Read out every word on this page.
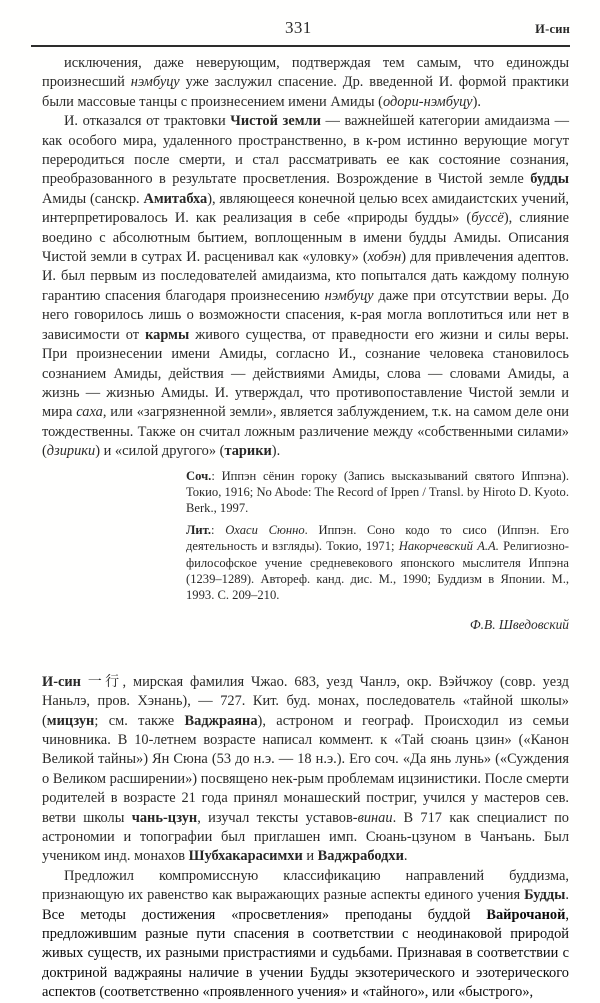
331	И-син

исключения, даже неверующим, подтверждая тем самым, что единожды произнесший нэмбуцу уже заслужил спасение. Др. введенной И. формой практики были массовые танцы с произнесением имени Амиды (одори-нэмбуцу).

И. отказался от трактовки Чистой земли — важнейшей категории амидаизма — как особого мира, удаленного пространственно, в к-ром истинно верующие могут переродиться после смерти, и стал рассматривать ее как состояние сознания, преобразованного в результате просветления. Возрождение в Чистой земле будды Амиды (санскр. Амитабха), являющееся конечной целью всех амидаистских учений, интерпретировалось И. как реализация в себе «природы будды» (буссё), слияние воедино с абсолютным бытием, воплощенным в имени будды Амиды. Описания Чистой земли в сутрах И. расценивал как «уловку» (хобэн) для привлечения адептов. И. был первым из последователей амидаизма, кто попытался дать каждому полную гарантию спасения благодаря произнесению нэмбуцу даже при отсутствии веры. До него говорилось лишь о возможности спасения, к-рая могла воплотиться или нет в зависимости от кармы живого существа, от праведности его жизни и силы веры. При произнесении имени Амиды, согласно И., сознание человека становилось сознанием Амиды, действия — действиями Амиды, слова — словами Амиды, а жизнь — жизнью Амиды. И. утверждал, что противопоставление Чистой земли и мира саха, или «загрязненной земли», является заблуждением, т.к. на самом деле они тождественны. Также он считал ложным различение между «собственными силами» (дзирики) и «силой другого» (тарики).

Соч.: Иппэн сёнин гороку (Запись высказываний святого Иппэна). Токио, 1916; No Abode: The Record of Ippen / Transl. by Hiroto D. Kyoto. Berk., 1997.

Лит.: Охаси Сюнно. Иппэн. Соно кодо то сисо (Иппэн. Его деятельность и взгляды). Токио, 1971; Накорчевский А.А. Религиозно-философское учение средневекового японского мыслителя Иппэна (1239–1289). Автореф. канд. дис. М., 1990; Буддизм в Японии. М., 1993. С. 209–210.

Ф.В. Шведовский

И-син 一行, мирская фамилия Чжао. 683, уезд Чанлэ, окр. Вэйчжоу (совр. уезд Наньлэ, пров. Хэнань), — 727. Кит. буд. монах, последователь «тайной школы» (мицзун; см. также Ваджраяна), астроном и географ. Происходил из семьи чиновника. В 10-летнем возрасте написал коммент. к «Тай сюань цзин» («Канон Великой тайны») Ян Сюна (53 до н.э. — 18 н.э.). Его соч. «Да янь лунь» («Суждения о Великом расширении») посвящено нек-рым проблемам ицзинистики. После смерти родителей в возрасте 21 года принял монашеский постриг, учился у мастеров сев. ветви школы чань-цзун, изучал тексты уставов-винаи. В 717 как специалист по астрономии и топографии был приглашен имп. Сюань-цзуном в Чанъань. Был учеником инд. монахов Шубхакарасимхи и Ваджрабодхи.

Предложил компромиссную классификацию направлений буддизма, признающую их равенство как выражающих разные аспекты единого учения Будды. Все методы достижения «просветления» преподаны буддой Вайрочаной, предложившим разные пути спасения в соответствии с неодинаковой природой живых существ, их разными пристрастиями и судьбами. Признавая в соответствии с доктриной ваджраяны наличие в учении Будды экзотерического и эзотерического аспектов (соответственно «проявленного учения» и «тайного», или «быстрого»,
